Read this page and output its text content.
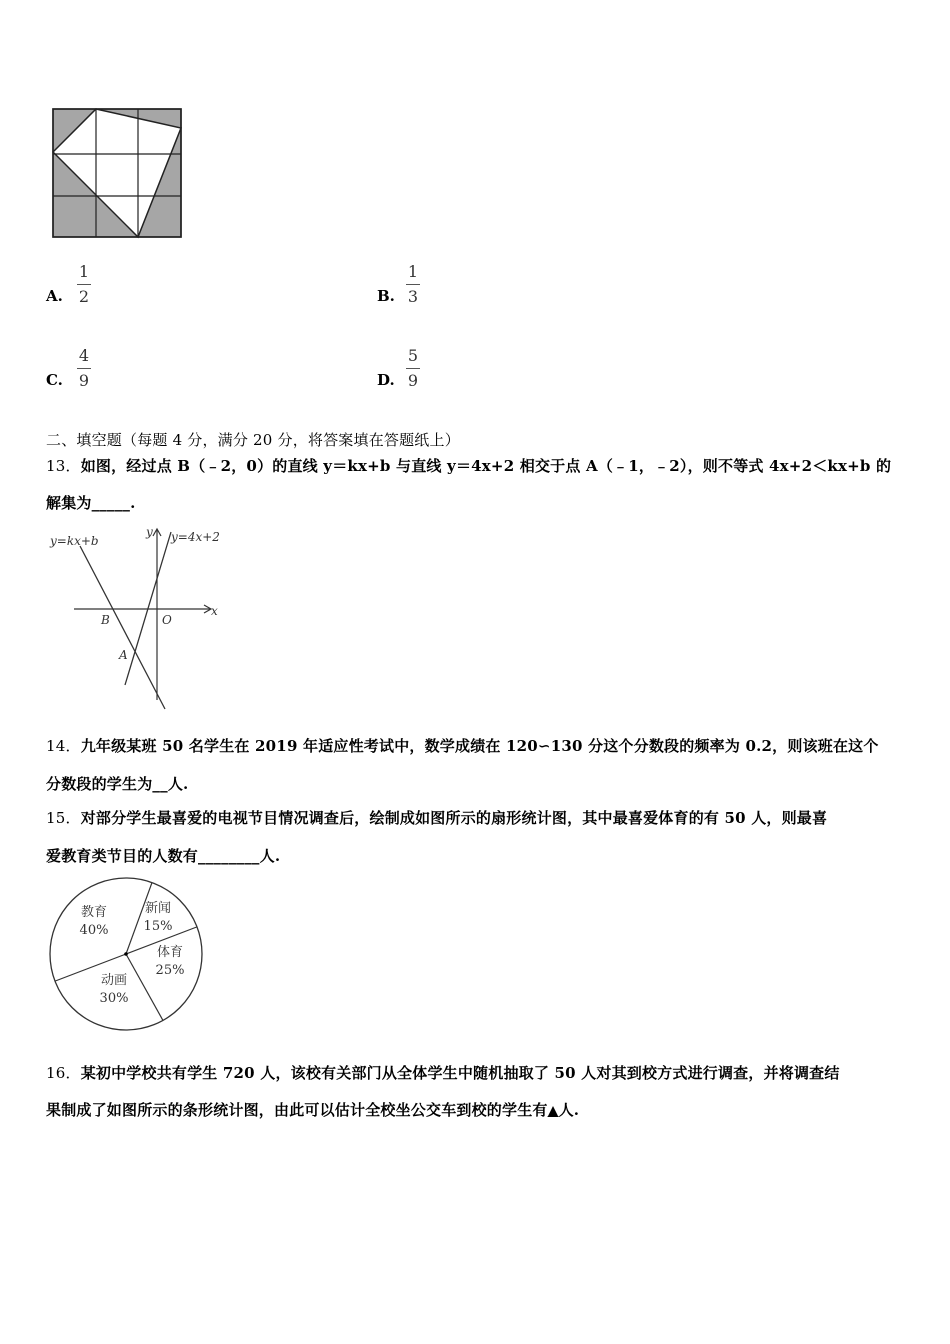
A.
1
2	B.
1
3
C.
4
9	D.
5
9
二、填空题（每题 4 分，满分 20 分，将答案填在答题纸上）
13．如图，经过点 B（﹣2，0）的直线 y＝kx+b 与直线 y＝4x+2 相交于点 A（﹣1，﹣2），则不等式 4x+2＜kx+b 的
解集为_____.
y=kx+b	y=4x+2
y
x
B	O
A
14．九年级某班 50 名学生在 2019 年适应性考试中，数学成绩在 120∽130 分这个分数段的频率为 0.2，则该班在这个
分数段的学生为__人.
15．对部分学生最喜爱的电视节目情况调查后，绘制成如图所示的扇形统计图，其中最喜爱体育的有 50 人，则最喜
爱教育类节目的人数有________人.
教育
40%
新闻
15%
体育
25%
动画
30%
16．某初中学校共有学生 720 人，该校有关部门从全体学生中随机抽取了 50 人对其到校方式进行调查，并将调查结
果制成了如图所示的条形统计图，由此可以估计全校坐公交车到校的学生有▲人.
